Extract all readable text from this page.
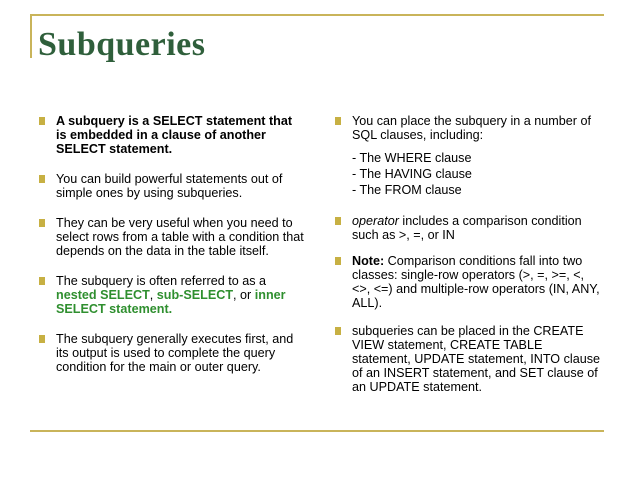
Subqueries
A subquery is a SELECT statement that is embedded in a clause of another SELECT statement.
You can build powerful statements out of simple ones by using subqueries.
They can be very useful when you need to select rows from a table with a condition that depends on the data in the table itself.
The subquery is often referred to as a nested SELECT, sub-SELECT, or inner SELECT statement.
The subquery generally executes first, and its output is used to complete the query condition for the main or outer query.
You can place the subquery in a number of SQL clauses, including:
- The WHERE clause
- The HAVING clause
- The FROM clause
operator includes a comparison condition such as >, =, or IN
Note: Comparison conditions fall into two classes: single-row operators (>, =, >=, <, <>, <=) and multiple-row operators (IN, ANY, ALL).
subqueries can be placed in the CREATE VIEW statement, CREATE TABLE statement, UPDATE statement, INTO clause of an INSERT statement, and SET clause of an UPDATE statement.
